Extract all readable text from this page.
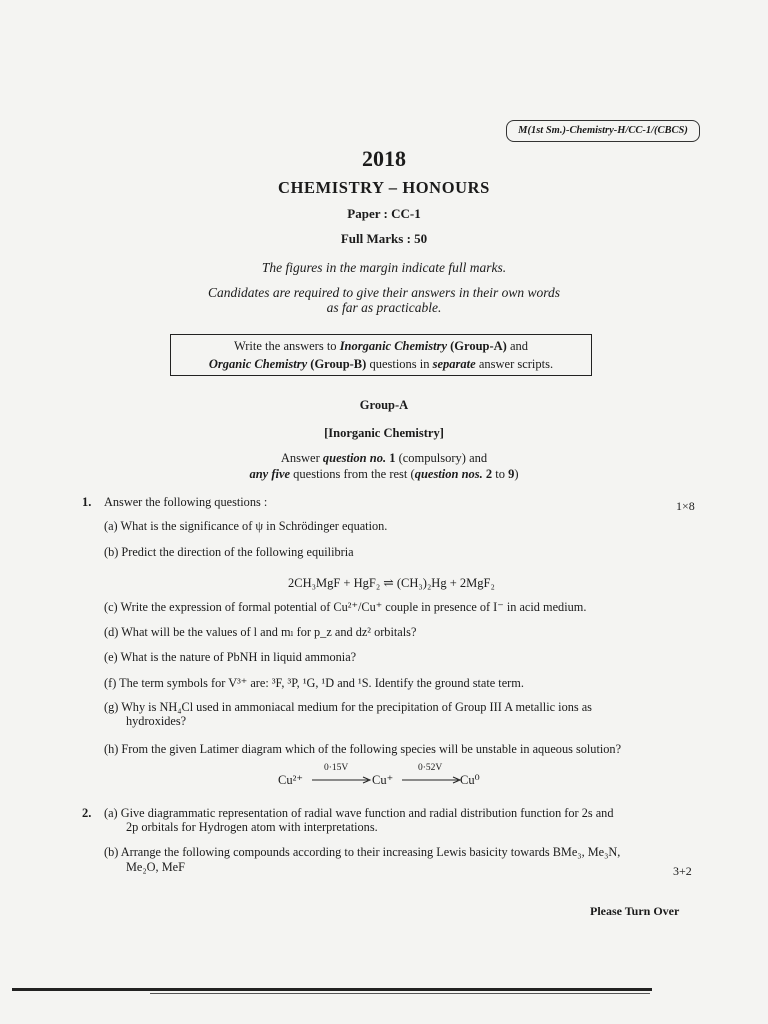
M(1st Sm.)-Chemistry-H/CC-1/(CBCS)
2018
CHEMISTRY – HONOURS
Paper : CC-1
Full Marks : 50
The figures in the margin indicate full marks.
Candidates are required to give their answers in their own words
as far as practicable.
Write the answers to Inorganic Chemistry (Group-A) and
Organic Chemistry (Group-B) questions in separate answer scripts.
Group-A
[Inorganic Chemistry]
Answer question no. 1 (compulsory) and
any five questions from the rest (question nos. 2 to 9)
1. Answer the following questions :	1×8
(a) What is the significance of ψ in Schrödinger equation.
(b) Predict the direction of the following equilibria
2CH₃MgF + HgF₂ ⇌ (CH₃)₂Hg + 2MgF₂
(c) Write the expression of formal potential of Cu²⁺/Cu⁺ couple in presence of I⁻ in acid medium.
(d) What will be the values of l and mₗ for p_z and dz² orbitals?
(e) What is the nature of PbNH in liquid ammonia?
(f) The term symbols for V³⁺ are: ³F, ³P, ¹G, ¹D and ¹S. Identify the ground state term.
(g) Why is NH₄Cl used in ammoniacal medium for the precipitation of Group III A metallic ions as
hydroxides?
(h) From the given Latimer diagram which of the following species will be unstable in aqueous solution?
Cu²⁺
0·15V
Cu⁺
0·52V
Cu⁰
2. (a) Give diagrammatic representation of radial wave function and radial distribution function for 2s and
2p orbitals for Hydrogen atom with interpretations.
(b) Arrange the following compounds according to their increasing Lewis basicity towards BMe₃, Me₃N,
Me₂O, MeF	3+2
Please Turn Over
